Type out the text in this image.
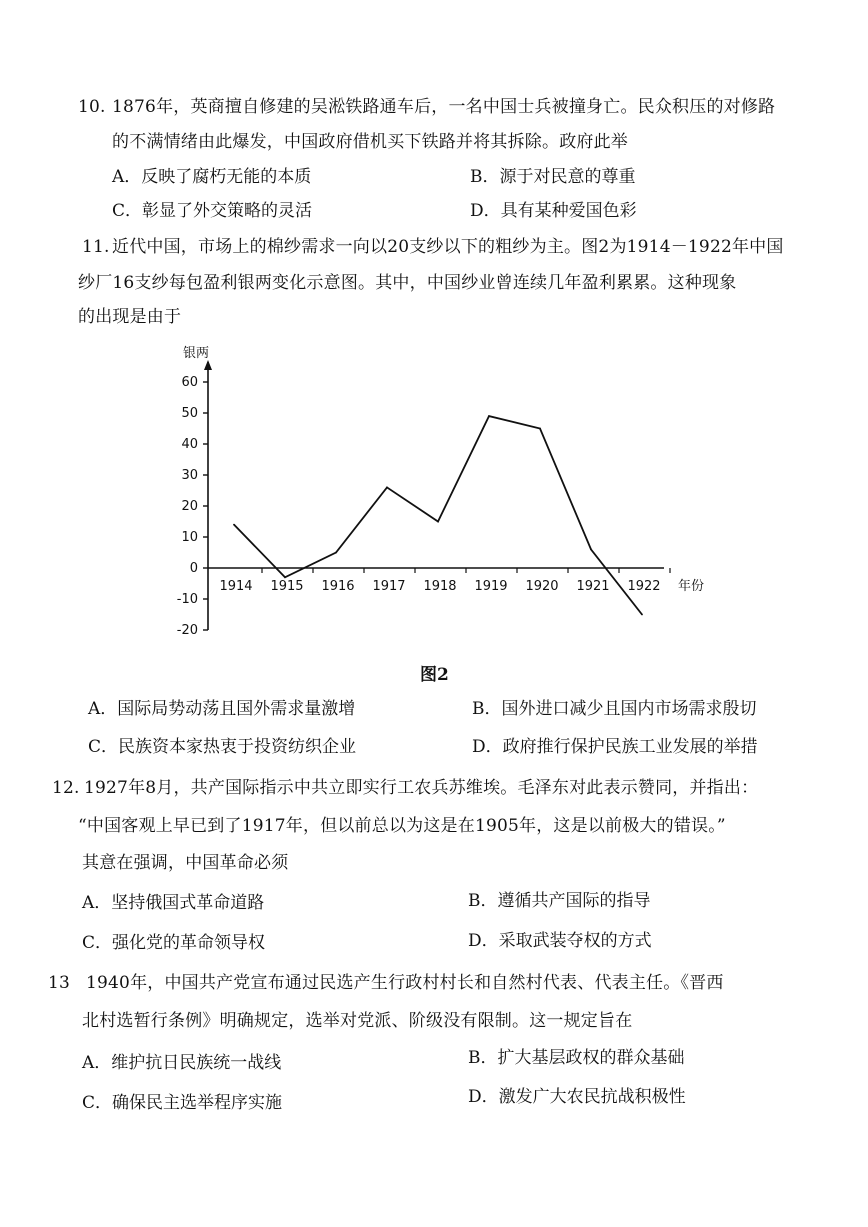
10. 1876年，英商擅自修建的吴淞铁路通车后，一名中国士兵被撞身亡。民众积压的对修路
的不满情绪由此爆发，中国政府借机买下铁路并将其拆除。政府此举
A．反映了腐朽无能的本质	B．源于对民意的尊重
C．彰显了外交策略的灵活	D．具有某种爱国色彩
11. 近代中国，市场上的棉纱需求一向以20支纱以下的粗纱为主。图2为1914－1922年中国
纱厂16支纱每包盈利银两变化示意图。其中，中国纱业曾连续几年盈利累累。这种现象
的出现是由于
银两
年份
60
50
40
30
20
10
0
-10
-20
1914 1915 1916 1917 1918 1919 1920 1921 1922
图2
A．国际局势动荡且国外需求量激增	B．国外进口减少且国内市场需求殷切
C．民族资本家热衷于投资纺织企业	D．政府推行保护民族工业发展的举措
12. 1927年8月，共产国际指示中共立即实行工农兵苏维埃。毛泽东对此表示赞同，并指出：
“中国客观上早已到了1917年，但以前总以为这是在1905年，这是以前极大的错误。”
其意在强调，中国革命必须
A．坚持俄国式革命道路	B．遵循共产国际的指导
C．强化党的革命领导权	D．采取武装夺权的方式
13 1940年，中国共产党宣布通过民选产生行政村村长和自然村代表、代表主任。《晋西
北村选暂行条例》明确规定，选举对党派、阶级没有限制。这一规定旨在
A．维护抗日民族统一战线	B．扩大基层政权的群众基础
C．确保民主选举程序实施	D．激发广大农民抗战积极性
